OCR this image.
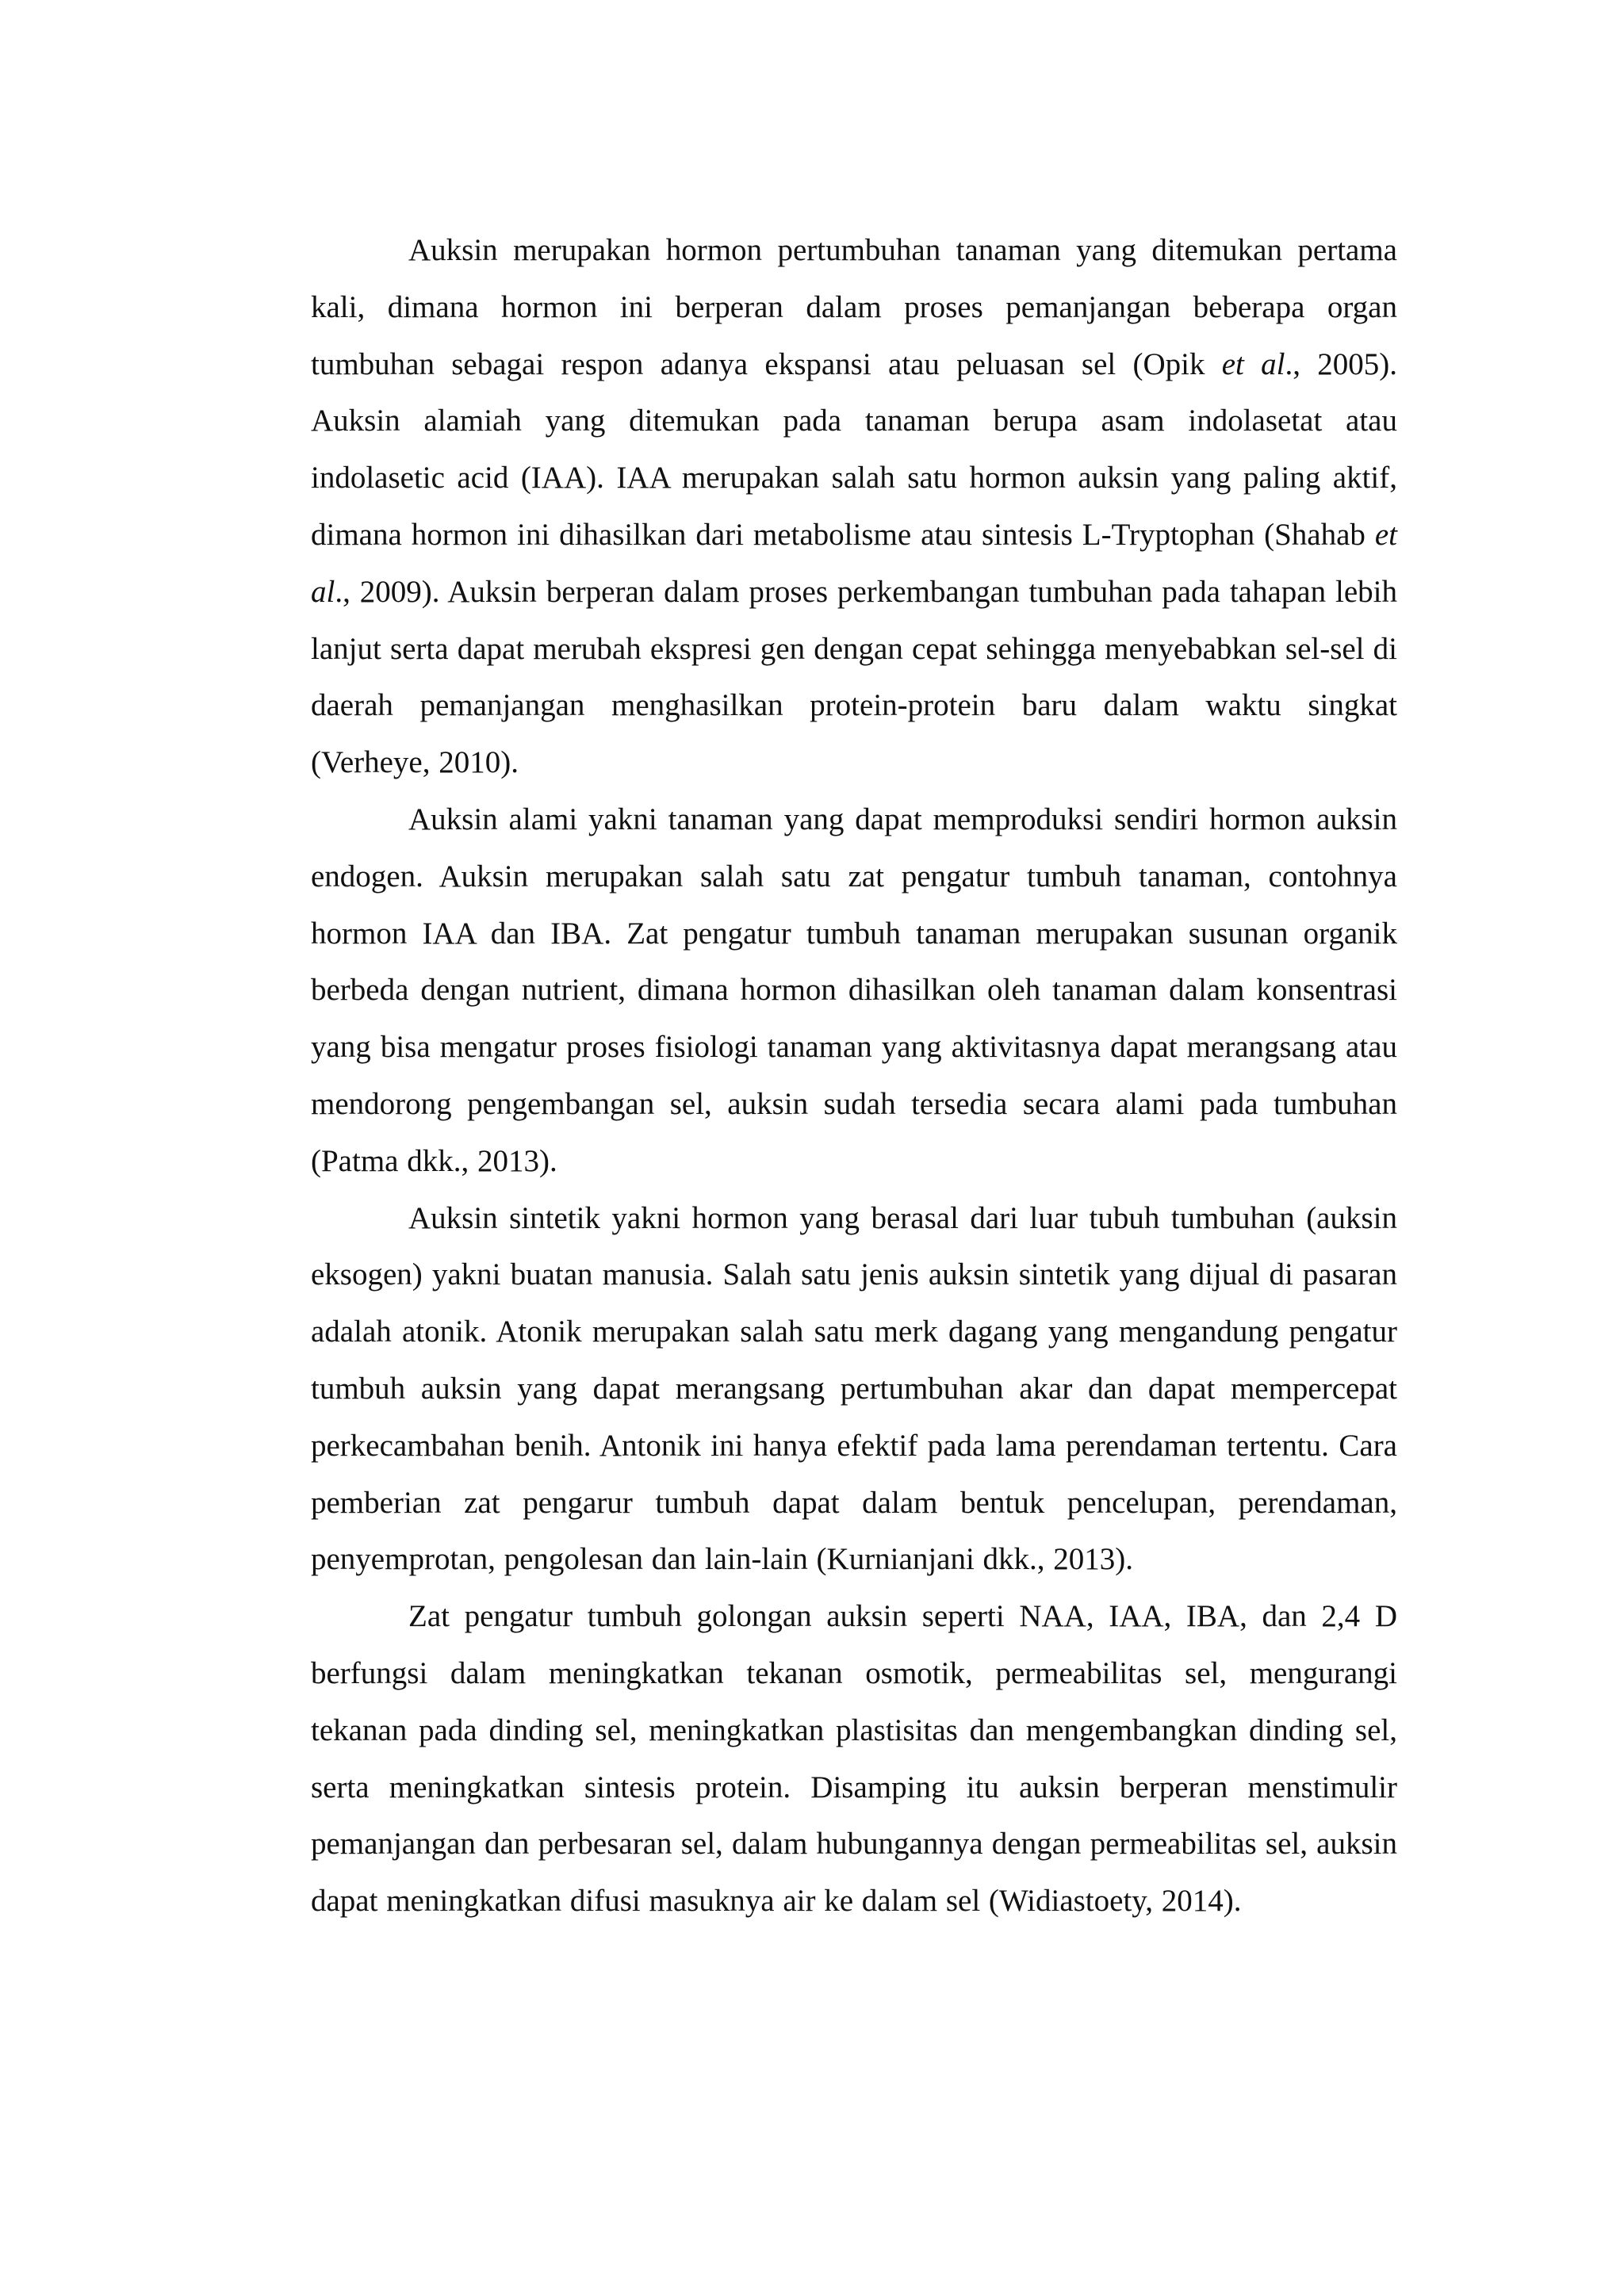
Auksin merupakan hormon pertumbuhan tanaman yang ditemukan pertama kali, dimana hormon ini berperan dalam proses pemanjangan beberapa organ tumbuhan sebagai respon adanya ekspansi atau peluasan sel (Opik et al., 2005). Auksin alamiah yang ditemukan pada tanaman berupa asam indolasetat atau indolasetic acid (IAA). IAA merupakan salah satu hormon auksin yang paling aktif, dimana hormon ini dihasilkan dari metabolisme atau sintesis L-Tryptophan (Shahab et al., 2009). Auksin berperan dalam proses perkembangan tumbuhan pada tahapan lebih lanjut serta dapat merubah ekspresi gen dengan cepat sehingga menyebabkan sel-sel di daerah pemanjangan menghasilkan protein-protein baru dalam waktu singkat (Verheye, 2010).

Auksin alami yakni tanaman yang dapat memproduksi sendiri hormon auksin endogen. Auksin merupakan salah satu zat pengatur tumbuh tanaman, contohnya hormon IAA dan IBA. Zat pengatur tumbuh tanaman merupakan susunan organik berbeda dengan nutrient, dimana hormon dihasilkan oleh tanaman dalam konsentrasi yang bisa mengatur proses fisiologi tanaman yang aktivitasnya dapat merangsang atau mendorong pengembangan sel, auksin sudah tersedia secara alami pada tumbuhan (Patma dkk., 2013).

Auksin sintetik yakni hormon yang berasal dari luar tubuh tumbuhan (auksin eksogen) yakni buatan manusia. Salah satu jenis auksin sintetik yang dijual di pasaran adalah atonik. Atonik merupakan salah satu merk dagang yang mengandung pengatur tumbuh auksin yang dapat merangsang pertumbuhan akar dan dapat mempercepat perkecambahan benih. Antonik ini hanya efektif pada lama perendaman tertentu. Cara pemberian zat pengarur tumbuh dapat dalam bentuk pencelupan, perendaman, penyemprotan, pengolesan dan lain-lain (Kurnianjani dkk., 2013).

Zat pengatur tumbuh golongan auksin seperti NAA, IAA, IBA, dan 2,4 D berfungsi dalam meningkatkan tekanan osmotik, permeabilitas sel, mengurangi tekanan pada dinding sel, meningkatkan plastisitas dan mengembangkan dinding sel, serta meningkatkan sintesis protein. Disamping itu auksin berperan menstimulir pemanjangan dan perbesaran sel, dalam hubungannya dengan permeabilitas sel, auksin dapat meningkatkan difusi masuknya air ke dalam sel (Widiastoety, 2014).
